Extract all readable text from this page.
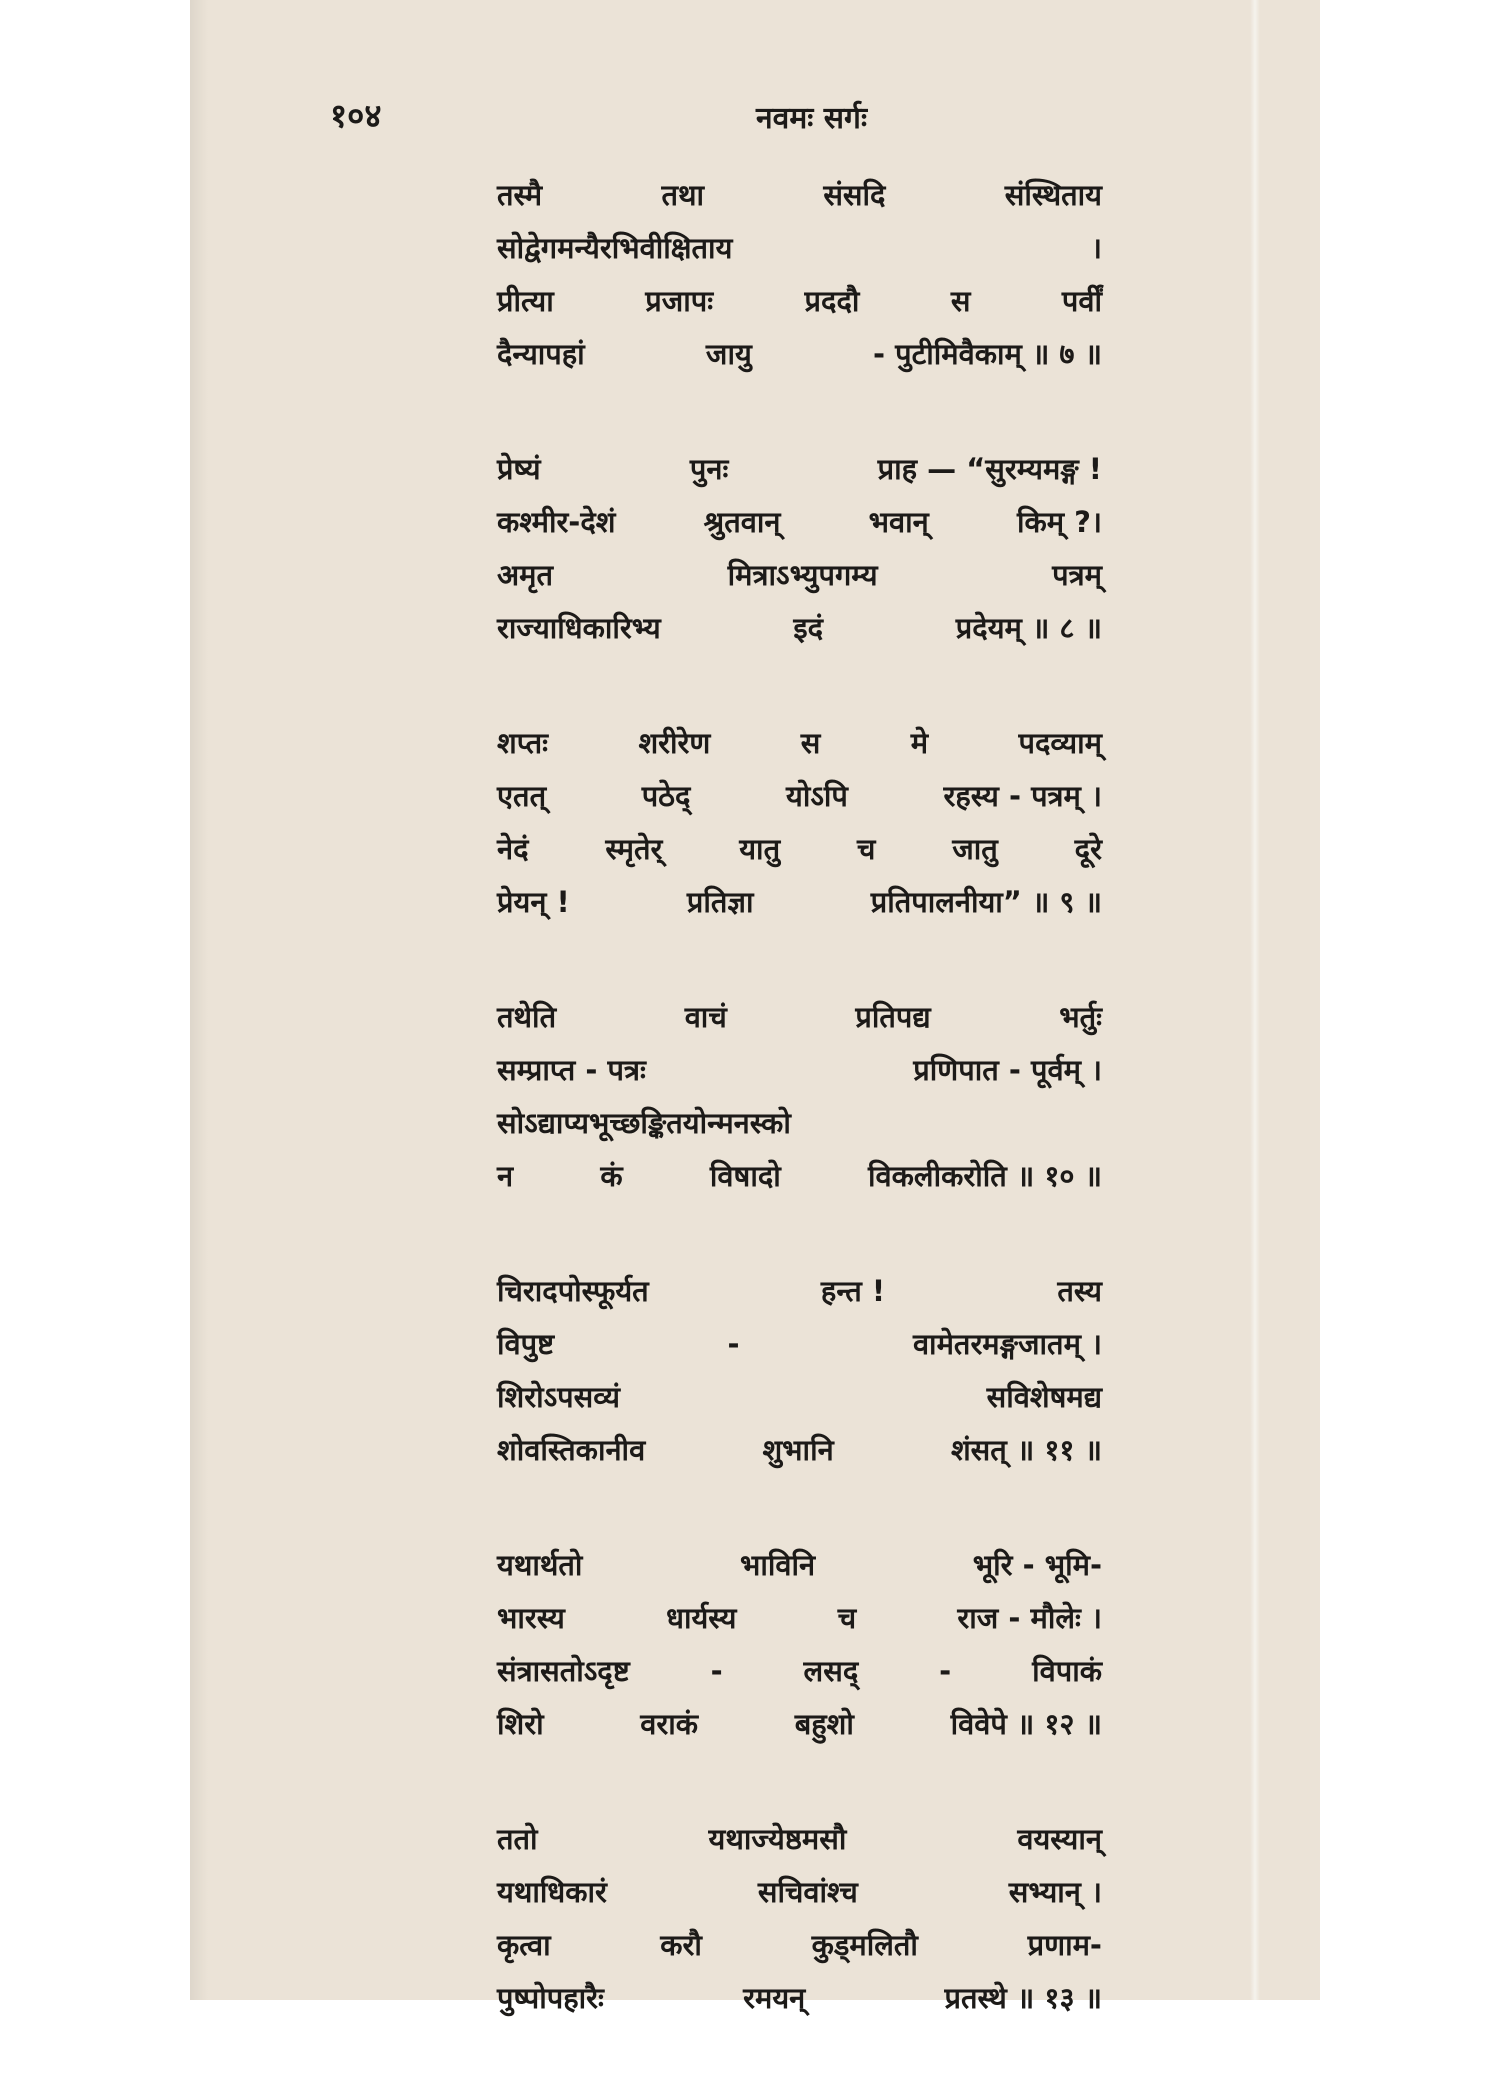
१०४	नवमः सर्गः
तस्मै	तथा	संसदि	संस्थिताय
सोद्वेगमन्यैरभिवीक्षिताय	।
प्रीत्या	प्रजापः	प्रददौ	स	पर्वीं
दैन्यापहां	जायु	- पुटीमिवैकाम् ॥ ७ ॥
प्रेष्यं	पुनः	प्राह — “सुरम्यमङ्ग !
कश्मीर-देशं	श्रुतवान्	भवान्	किम् ?।
अमृत	मित्राऽभ्युपगम्य	पत्रम्
राज्याधिकारिभ्य	इदं	प्रदेयम् ॥ ८ ॥
शप्तः	शरीरेण	स	मे	पदव्याम्
एतत्	पठेद्	योऽपि	रहस्य - पत्रम् ।
नेदं	स्मृतेर्	यातु	च	जातु	दूरे
प्रेयन् !	प्रतिज्ञा	प्रतिपालनीया” ॥ ९ ॥
तथेति	वाचं	प्रतिपद्य	भर्तुः
सम्प्राप्त - पत्रः	प्रणिपात - पूर्वम् ।
सोऽद्याप्यभूच्छङ्कितयोन्मनस्को
न	कं	विषादो	विकलीकरोति ॥ १० ॥
चिरादपोस्फूर्यत	हन्त !	तस्य
विपुष्ट	-	वामेतरमङ्गजातम् ।
शिरोऽपसव्यं	सविशेषमद्य
शोवस्तिकानीव	शुभानि	शंसत् ॥ ११ ॥
यथार्थतो	भाविनि	भूरि - भूमि-
भारस्य	धार्यस्य	च	राज - मौलेः ।
संत्रासतोऽदृष्ट	-	लसद्	-	विपाकं
शिरो	वराकं	बहुशो	विवेपे ॥ १२ ॥
ततो	यथाज्येष्ठमसौ	वयस्यान्
यथाधिकारं	सचिवांश्च	सभ्यान् ।
कृत्वा	करौ	कुड्मलितौ	प्रणाम-
पुष्पोपहारैः	रमयन्	प्रतस्थे ॥ १३ ॥
